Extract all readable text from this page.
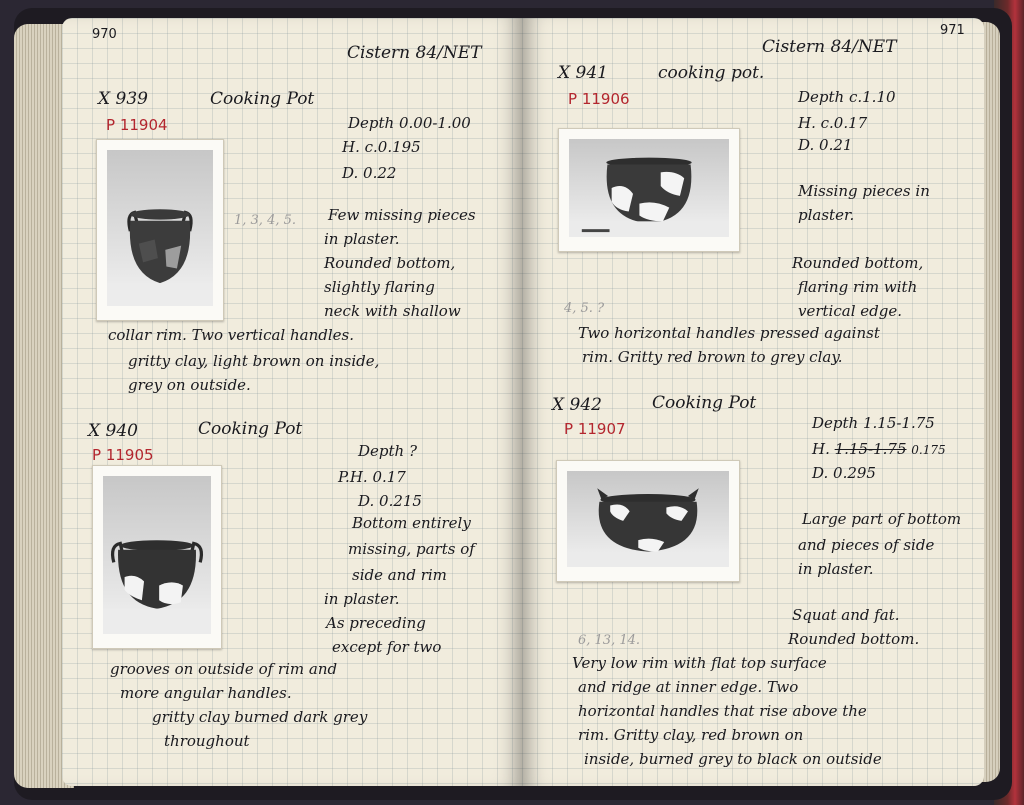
970
Cistern 84/NET
X 939	Cooking Pot
P 11904	Depth 0.00-1.00
H. c.0.195
D. 0.22
1, 3, 4, 5. Few missing pieces
in plaster.
Rounded bottom,
slightly flaring
neck with shallow
collar rim. Two vertical handles.
gritty clay, light brown on inside,
grey on outside.
X 940	Cooking Pot
P 11905	Depth ?
P.H. 0.17
D. 0.215
Bottom entirely
missing, parts of
side and rim
in plaster.
As preceding
except for two
grooves on outside of rim and
more angular handles.
gritty clay burned dark grey
throughout
971
Cistern 84/NET
X 941	cooking pot.
P 11906	Depth c.1.10
H. c.0.17
D. 0.21
Missing pieces in
plaster.
Rounded bottom,
flaring rim with
vertical edge.
4, 5. ?
Two horizontal handles pressed against
rim. Gritty red brown to grey clay.
X 942	Cooking Pot
P 11907	Depth 1.15-1.75
H. 1.15-1.75 0.175
D. 0.295
Large part of bottom
and pieces of side
in plaster.
Squat and fat.
Rounded bottom.
6, 13, 14.
Very low rim with flat top surface
and ridge at inner edge. Two
horizontal handles that rise above the
rim. Gritty clay, red brown on
inside, burned grey to black on outside
